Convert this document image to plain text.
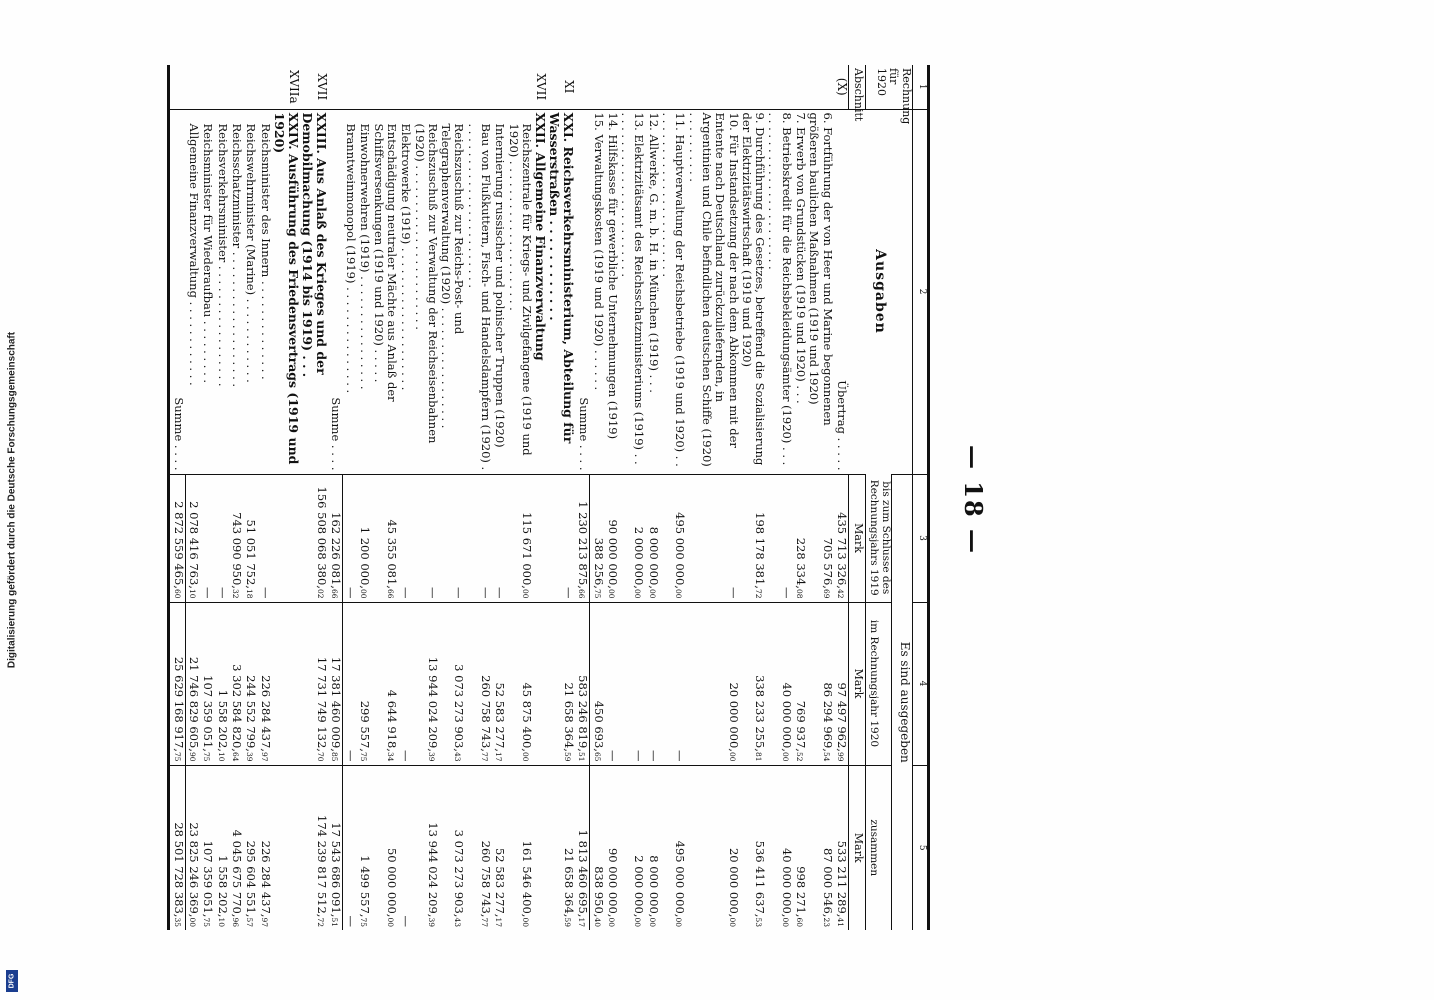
Digitalisierung gefördert durch die Deutsche Forschungsgemeinschaft
DFG
— 18 —
1	2	3	4	5
Rechnung für 1920	Ausgaben	Es sind ausgegeben		
		bis zum Schlusse des Rechnungsjahrs 1919	im Rechnungsjahr 1920	zusammen
Abschnitt		Mark	Mark	Mark
(X)	Übertrag . . . . .	435 713 326,42	97 497 962,99	533 211 289,41
	6. Fortführung der von Heer und Marine begonnenen größeren baulichen Maßnahmen (1919 und 1920)	705 576,69	86 294 969,54	87 000 546,23
	7. Erwerb von Grundstücken (1919 und 1920) . . .	228 334,08	769 937,52	998 271,60
	8. Betriebskredit für die Reichsbekleidungsämter (1920) . . . . . . . . . . . . . . . . . . . . . . . . .	—	40 000 000,00	40 000 000,00
	9. Durchführung des Gesetzes, betreffend die Sozialisierung der Elektrizitätswirtschaft (1919 und 1920)	198 178 381,72	338 233 255,81	536 411 637,53
	10. Für Instandsetzung der nach dem Abkommen mit der Entente nach Deutschland zurückzuliefernden, in Argentinien und Chile befindlichen deutschen Schiffe (1920) . . . . . . . . . .	—	20 000 000,00	20 000 000,00
	11. Hauptverwaltung der Reichsbetriebe (1919 und 1920) . . . . . . . . . . . . . . . . . . . . . . . . .	495 000 000,00	—	495 000 000,00
	12. Allwerke, G. m. b. H. in München (1919) . . .	8 000 000,00	—	8 000 000,00
	13. Elektrizitätsamt des Reichsschatzministeriums (1919) . . . . . . . . . . . . . . . . . . . . . . . . .	2 000 000,00	—	2 000 000,00
	14. Hilfskasse für gewerbliche Unternehmungen (1919)	90 000 000,00	—	90 000 000,00
	15. Verwaltungskosten (1919 und 1920) . . . . . .	388 256,75	450 693,65	838 950,40
	Summe . . . .	1 230 213 875,66	583 246 819,51	1 813 460 695,17
XI	XXI. Reichsverkehrsministerium, Abteilung für Wasserstraßen . . . . . . . . . . . .	—	21 658 364,59	21 658 364,59
XVII	XXII. Allgemeine Finanzverwaltung			
	Reichszentrale für Kriegs- und Zivilgefangene (1919 und 1920) . . . . . . . . . . . . . . . . . . . . .	115 671 000,00	45 875 400,00	161 546 400,00
	Internierung russischer und polnischer Truppen (1920)	—	52 583 277,17	52 583 277,17
	Bau von Flußkuttern, Fisch- und Handelsdampfern (1920) . . . . . . . . . . . . . . . . . . . . . . . .	—	260 758 743,77	260 758 743,77
	Reichszuschuß zur Reichs-Post- und Telegraphenverwaltung (1920) . . . . . . . . . . . . . . . . .	—	3 073 273 903,43	3 073 273 903,43
	Reichszuschuß zur Verwaltung der Reichseisenbahnen (1920) . . . . . . . . . . . . . . . . . . . . . . .	—	13 944 024 209,39	13 944 024 209,39
	Elektrowerke (1919) . . . . . . . . . . . . . . . . . . . .	—	—	—
	Entschädigung neutraler Mächte aus Anlaß der Schiffsversenkungen (1919 und 1920) . . . . .	45 355 081,66	4 644 918,34	50 000 000,00
	Einwohnerwehren (1919) . . . . . . . . . . . . . . . .	1 200 000,00	299 557,75	1 499 557,75
	Branntweinmonopol (1919) . . . . . . . . . . . . . . .	—	—	—
	Summe . . . .	162 226 081,66	17 381 460 009,85	17 543 686 091,51
XVII	XXIII. Aus Anlaß des Krieges und der Demobilmachung (1914 bis 1919) . . .	156 508 068 380,02	17 731 749 132,70	174 239 817 512,72
XVIIa	XXIV. Ausführung des Friedensvertrags (1919 und 1920)			
	Reichsminister des Innern . . . . . . . . . . . . . .	—	226 284 437,97	226 284 437,97
	Reichswehrminister (Marine) . . . . . . . . . . . .	51 051 752,18	244 552 799,39	295 604 551,57
	Reichsschatzminister . . . . . . . . . . . . . . . . . . .	743 090 950,32	3 302 584 820,64	4 045 675 770,96
	Reichsverkehrsminister . . . . . . . . . . . . . . . . .	—	1 558 202,10	1 558 202,10
	Reichsminister für Wiederaufbau . . . . . . . . .	—	107 359 051,75	107 359 051,75
	Allgemeine Finanzverwaltung . . . . . . . . . . . .	2 078 416 763,10	21 746 829 605,90	23 825 246 369,00
	Summe . . . .	2 872 559 465,60	25 629 168 917,75	28 501 728 383,35
